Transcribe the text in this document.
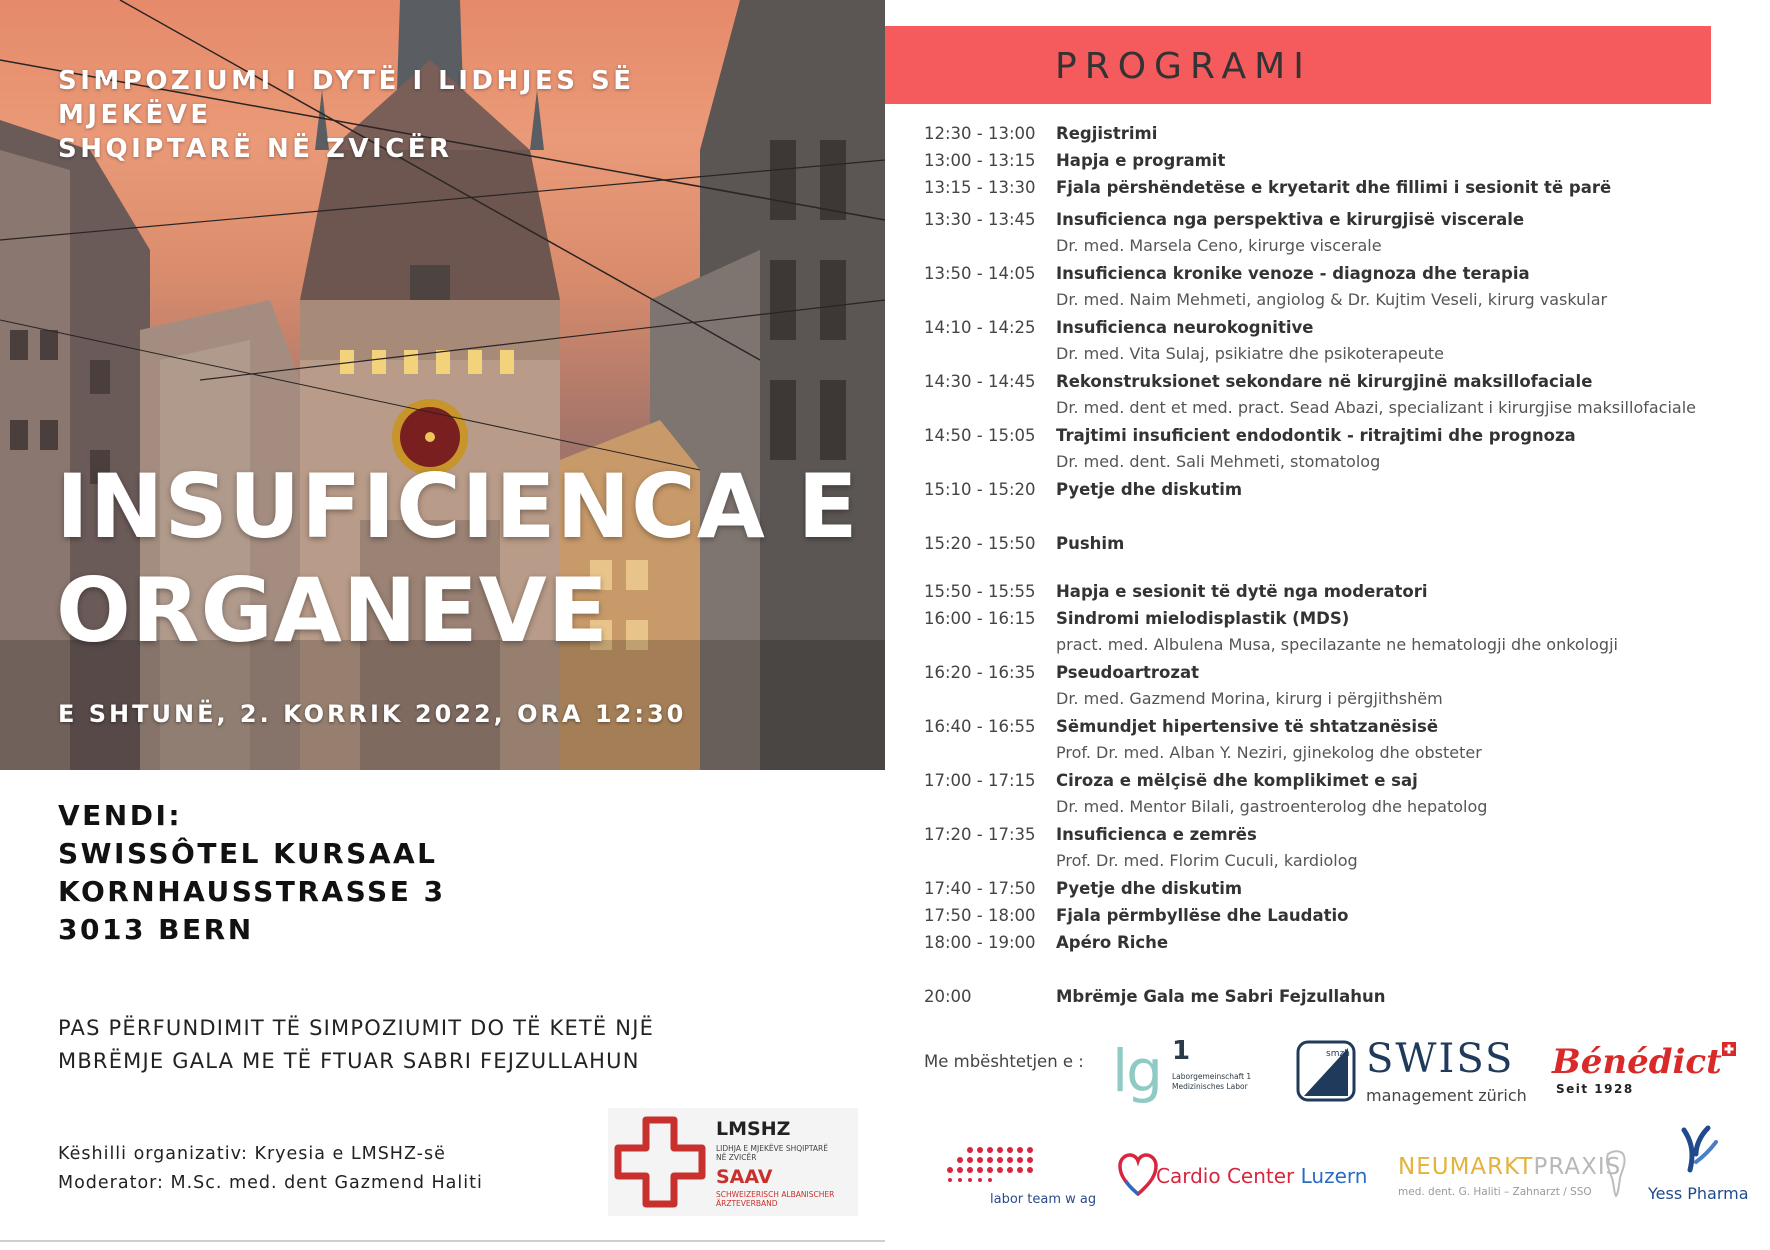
SIMPOZIUMI I DYTË I LIDHJES SË MJEKËVE
SHQIPTARË NË ZVICËR
INSUFICIENCA E
ORGANEVE
E SHTUNË, 2. KORRIK 2022, ORA 12:30
VENDI:
SWISSÔTEL KURSAAL
KORNHAUSSTRASSE 3
3013 BERN
PAS PËRFUNDIMIT TË SIMPOZIUMIT DO TË KETË NJË
MBRËMJE GALA ME TË FTUAR SABRI FEJZULLAHUN
Këshilli organizativ: Kryesia e LMSHZ-së
Moderator: M.Sc. med. dent Gazmend Haliti
LMSHZ
LIDHJA E MJEKËVE SHQIPTARË NË ZVICËR
SAAV
SCHWEIZERISCH ALBANISCHER ÄRZTEVERBAND
PROGRAMI
12:30 - 13:00 Regjistrimi
13:00 - 13:15 Hapja e programit
13:15 - 13:30 Fjala përshëndetëse e kryetarit dhe fillimi i sesionit të parë
13:30 - 13:45 Insuficienca nga perspektiva e kirurgjisë viscerale
Dr. med. Marsela Ceno, kirurge viscerale
13:50 - 14:05 Insuficienca kronike venoze - diagnoza dhe terapia
Dr. med. Naim Mehmeti, angiolog & Dr. Kujtim Veseli, kirurg vaskular
14:10 - 14:25 Insuficienca neurokognitive
Dr. med. Vita Sulaj, psikiatre dhe psikoterapeute
14:30 - 14:45 Rekonstruksionet sekondare në kirurgjinë maksillofaciale
Dr. med. dent et med. pract. Sead Abazi, specializant i kirurgjise maksillofaciale
14:50 - 15:05 Trajtimi insuficient endodontik - ritrajtimi dhe prognoza
Dr. med. dent. Sali Mehmeti, stomatolog
15:10 - 15:20 Pyetje dhe diskutim
15:20 - 15:50 Pushim
15:50 - 15:55 Hapja e sesionit të dytë nga moderatori
16:00 - 16:15 Sindromi mielodisplastik (MDS)
pract. med. Albulena Musa, specilazante ne hematologji dhe onkologji
16:20 - 16:35 Pseudoartrozat
Dr. med. Gazmend Morina, kirurg i përgjithshëm
16:40 - 16:55 Sëmundjet hipertensive të shtatzanësisë
Prof. Dr. med. Alban Y. Neziri, gjinekolog dhe obsteter
17:00 - 17:15 Ciroza e mëlçisë dhe komplikimet e saj
Dr. med. Mentor Bilali, gastroenterolog dhe hepatolog
17:20 - 17:35 Insuficienca e zemrës
Prof. Dr. med. Florim Cuculi, kardiolog
17:40 - 17:50 Pyetje dhe diskutim
17:50 - 18:00 Fjala përmbyllëse dhe Laudatio
18:00 - 19:00 Apéro Riche
20:00	Mbrëmje Gala me Sabri Fejzullahun
Me mbështetjen e : lg 1
Laborgemeinschaft 1 Medizinisches Labor
smzh SWISS
management zürich
Bénédict
Seit 1928
labor team w ag
Cardio Center Luzern NEUMARKTPRAXIS
med. dent. G. Haliti – Zahnarzt / SSO	Yess Pharma
